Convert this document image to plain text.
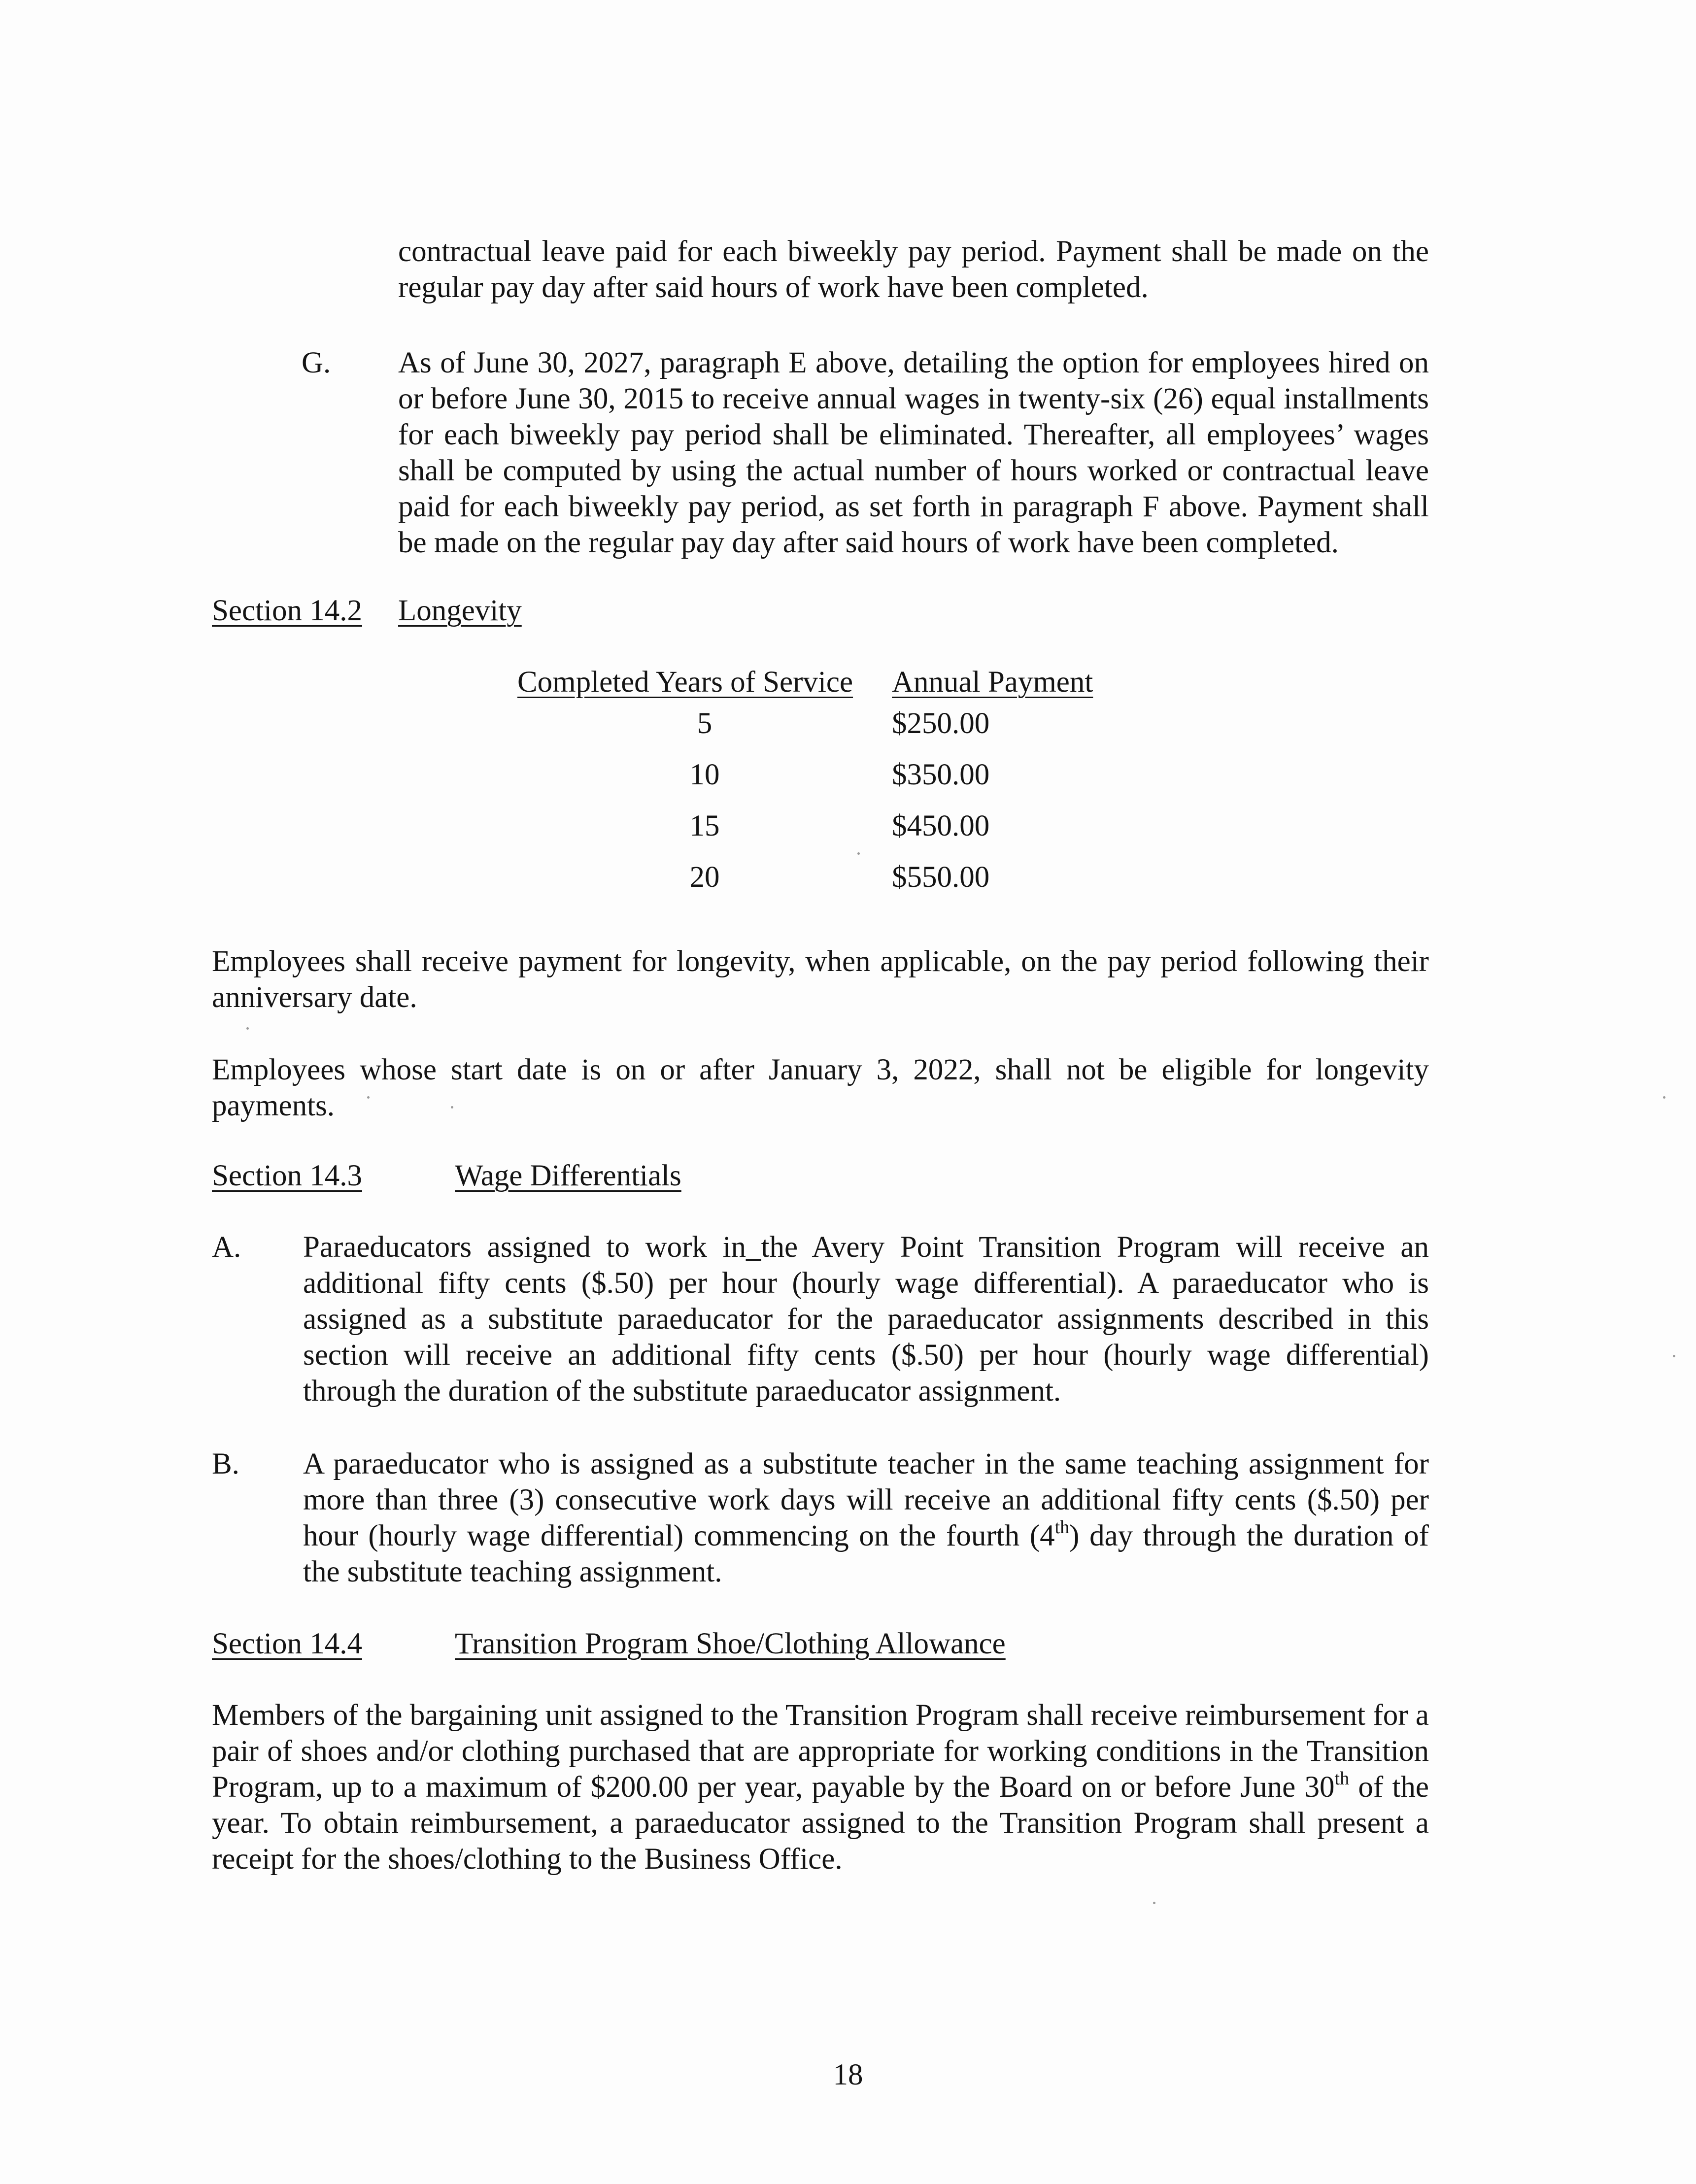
contractual leave paid for each biweekly pay period. Payment shall be made on the regular pay day after said hours of work have been completed.
G. As of June 30, 2027, paragraph E above, detailing the option for employees hired on or before June 30, 2015 to receive annual wages in twenty-six (26) equal installments for each biweekly pay period shall be eliminated. Thereafter, all employees’ wages shall be computed by using the actual number of hours worked or contractual leave paid for each biweekly pay period, as set forth in paragraph F above. Payment shall be made on the regular pay day after said hours of work have been completed.
Section 14.2 Longevity
Completed Years of Service	Annual Payment
5	$250.00
10	$350.00
15	$450.00
20	$550.00
Employees shall receive payment for longevity, when applicable, on the pay period following their anniversary date.
Employees whose start date is on or after January 3, 2022, shall not be eligible for longevity payments.
Section 14.3	Wage Differentials
A. Paraeducators assigned to work in_the Avery Point Transition Program will receive an additional fifty cents ($.50) per hour (hourly wage differential). A paraeducator who is assigned as a substitute paraeducator for the paraeducator assignments described in this section will receive an additional fifty cents ($.50) per hour (hourly wage differential) through the duration of the substitute paraeducator assignment.
B. A paraeducator who is assigned as a substitute teacher in the same teaching assignment for more than three (3) consecutive work days will receive an additional fifty cents ($.50) per hour (hourly wage differential) commencing on the fourth (4th) day through the duration of the substitute teaching assignment.
Section 14.4	Transition Program Shoe/Clothing Allowance
Members of the bargaining unit assigned to the Transition Program shall receive reimbursement for a pair of shoes and/or clothing purchased that are appropriate for working conditions in the Transition Program, up to a maximum of $200.00 per year, payable by the Board on or before June 30th of the year. To obtain reimbursement, a paraeducator assigned to the Transition Program shall present a receipt for the shoes/clothing to the Business Office.
18
